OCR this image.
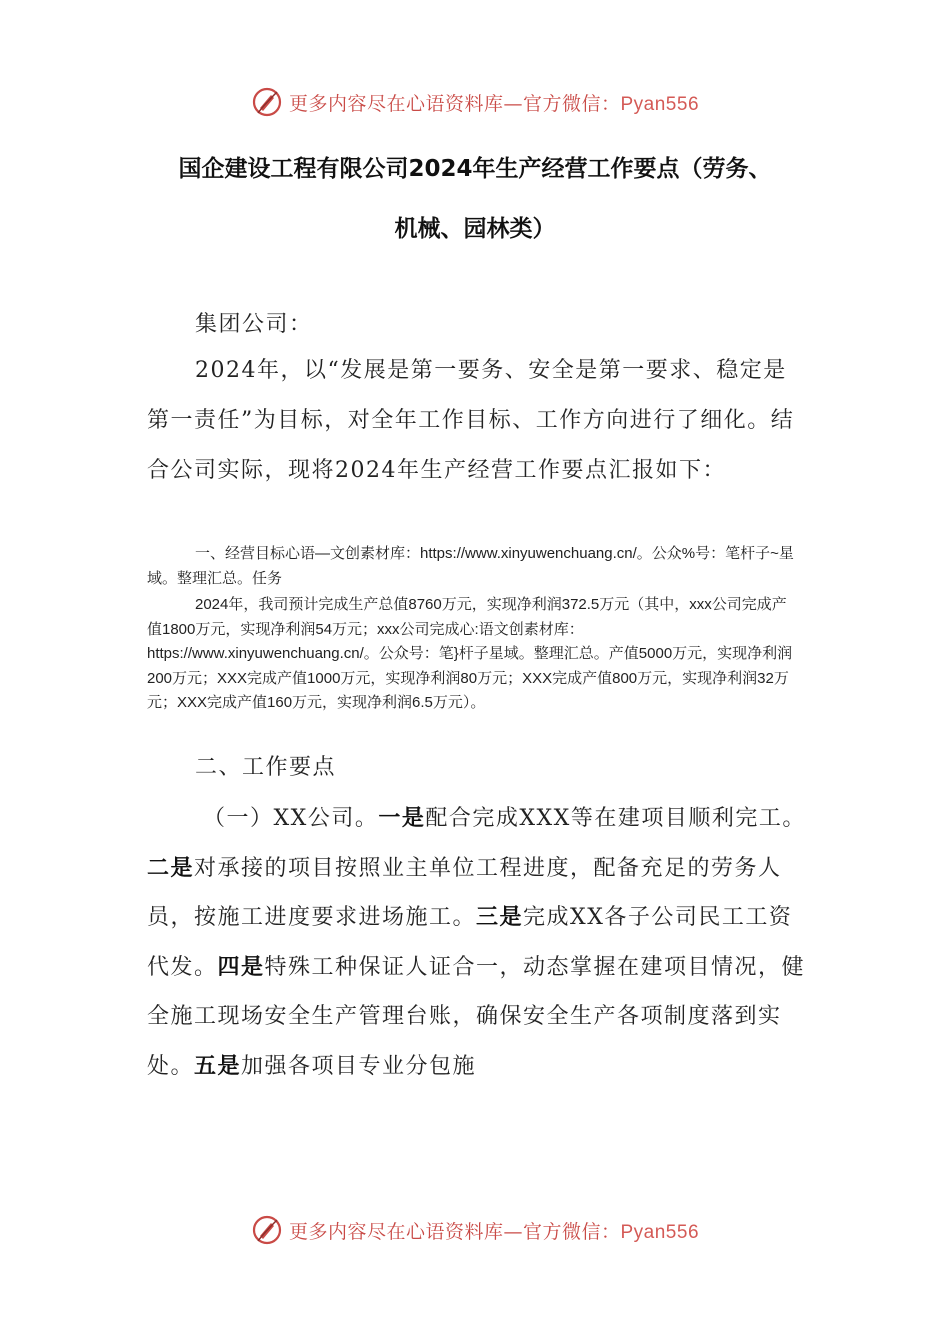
更多内容尽在心语资料库—官方微信：Pyan556
国企建设工程有限公司2024年生产经营工作要点（劳务、
机械、园林类）
集团公司：
2024年，以“发展是第一要务、安全是第一要求、稳定是第一责任”为目标，对全年工作目标、工作方向进行了细化。结合公司实际，现将2024年生产经营工作要点汇报如下：
一、经营目标心语—文创素材库：https://www.xinyuwenchuang.cn/。公众%号：笔杆子~星域。整理汇总。任务
2024年，我司预计完成生产总值8760万元，实现净利润372.5万元（其中，xxx公司完成产值1800万元，实现净利润54万元；xxx公司完成心:语文创素材库：https://www.xinyuwenchuang.cn/。公众号：笔}杆子星域。整理汇总。产值5000万元，实现净利润200万元；XXX完成产值1000万元，实现净利润80万元；XXX完成产值800万元，实现净利润32万元；XXX完成产值160万元，实现净利润6.5万元）。
二、工作要点
（一）XX公司。一是配合完成XXX等在建项目顺利完工。二是对承接的项目按照业主单位工程进度，配备充足的劳务人员，按施工进度要求进场施工。三是完成XX各子公司民工工资代发。四是特殊工种保证人证合一，动态掌握在建项目情况，健全施工现场安全生产管理台账，确保安全生产各项制度落到实处。五是加强各项目专业分包施
更多内容尽在心语资料库—官方微信：Pyan556
